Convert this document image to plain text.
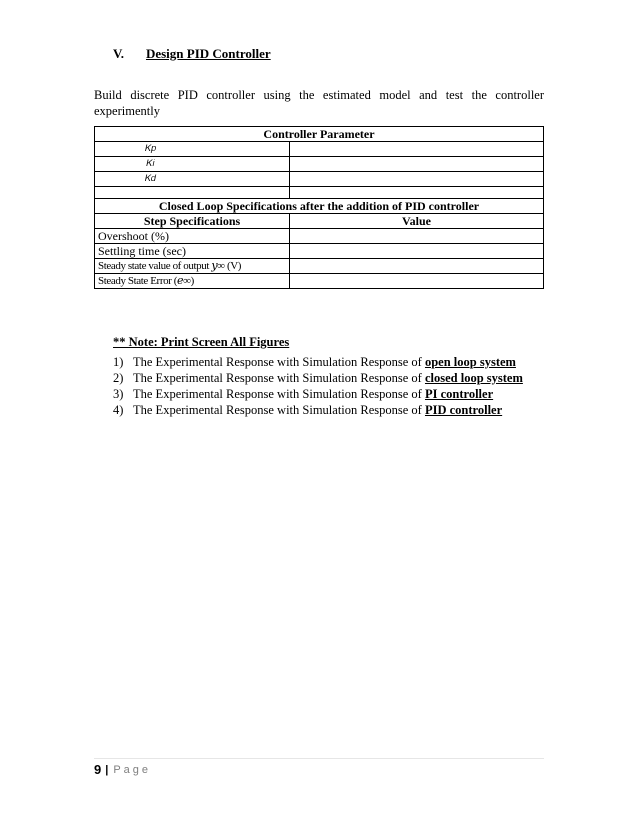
V. Design PID Controller
Build discrete PID controller using the estimated model and test the controller experimently
Controller Parameter	
𝐾𝑝	
𝐾𝑖	
𝐾𝑑	

Closed Loop Specifications after the addition of PID controller	
Step Specifications	Value
Overshoot (%)	
Settling time (sec)	
Steady state value of output 𝑦∞ (V)	
Steady State Error (𝑒∞)	
** Note: Print Screen All Figures
1) The Experimental Response with Simulation Response of open loop system
2) The Experimental Response with Simulation Response of closed loop system
3) The Experimental Response with Simulation Response of PI controller
4) The Experimental Response with Simulation Response of PID controller
9 | Page
